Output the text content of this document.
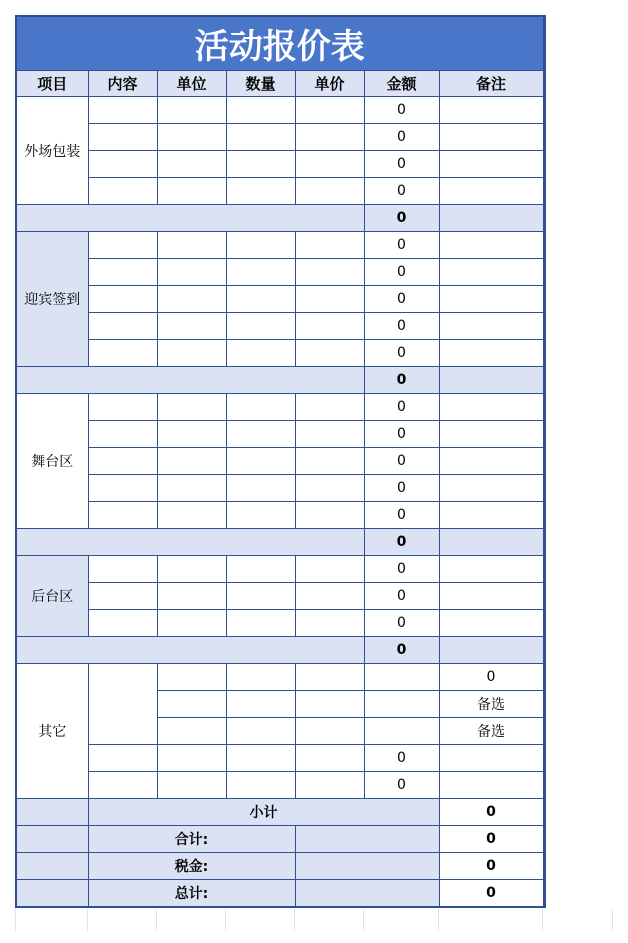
活动报价表							
项目	内容	单位	数量	单价	金额	备注	
外场包装					0		
					0		
					0		
					0		
					0		
迎宾签到					0		
					0		
					0		
					0		
					0		
					0		
舞台区					0		
					0		
					0		
					0		
					0		
					0		
后台区					0		
					0		
					0		
					0		
其它						0	
						备选	
						备选	
					0		
					0		
	小计					0	
	合计:					0	
	税金:					0	
	总计:					0	
